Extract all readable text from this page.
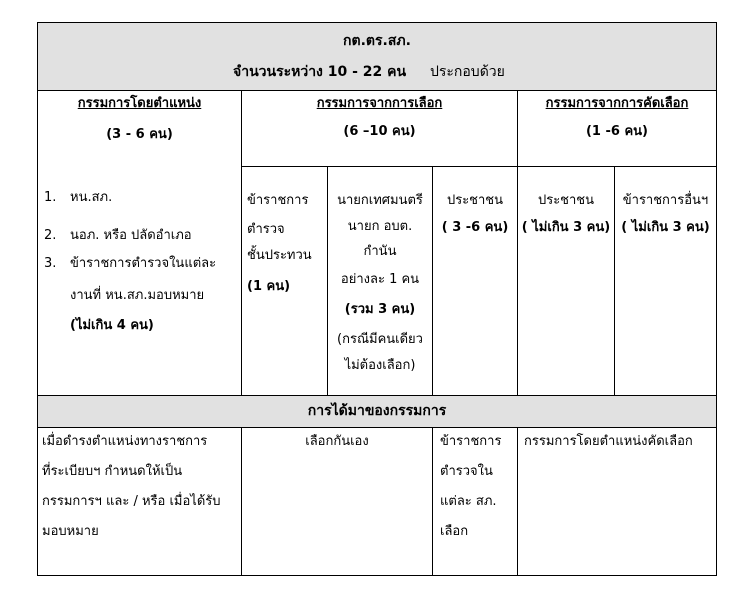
กต.ตร.สภ.
จำนวนระหว่าง 10 - 22 คน ประกอบด้วย
กรรมการโดยตำแหน่ง
(3 - 6 คน)
กรรมการจากการเลือก
(6 –10 คน)
กรรมการจากการคัดเลือก
(1 -6 คน)
1. หน.สภ.
2. นอภ. หรือ ปลัดอำเภอ
3. ข้าราชการตำรวจในแต่ละ
งานที่ หน.สภ.มอบหมาย
(ไม่เกิน 4 คน)
ข้าราชการ
ตำรวจ
ชั้นประทวน
(1 คน)
นายกเทศมนตรี
นายก อบต.
กำนัน
อย่างละ 1 คน
(รวม 3 คน)
(กรณีมีคนเดียว
ไม่ต้องเลือก)
ประชาชน
( 3 -6 คน)
ประชาชน
( ไม่เกิน 3 คน)
ข้าราชการอื่นฯ
( ไม่เกิน 3 คน)
การได้มาของกรรมการ
เมื่อดำรงตำแหน่งทางราชการ
ที่ระเบียบฯ กำหนดให้เป็น
กรรมการฯ และ / หรือ เมื่อได้รับ
มอบหมาย
เลือกกันเอง	ข้าราชการ
ตำรวจใน
แต่ละ สภ.
เลือก
กรรมการโดยตำแหน่งคัดเลือก
